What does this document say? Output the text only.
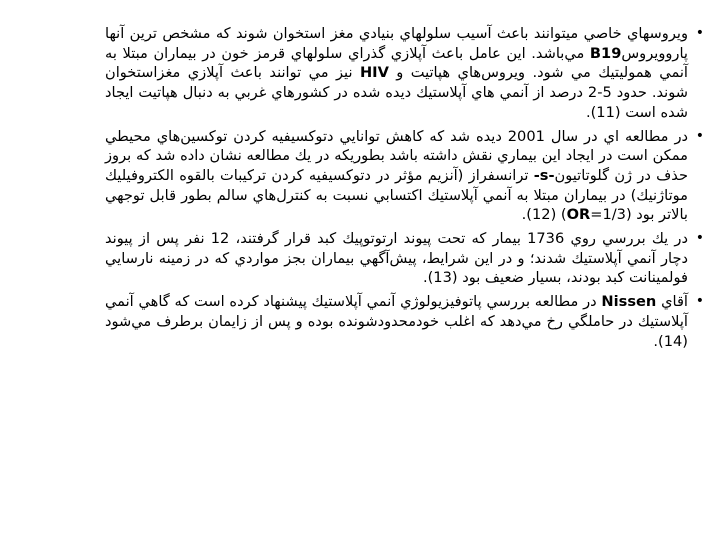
•
ويروسهاي خاصي ميتوانند باعث آسيب سلولهاي بنيادي مغز استخوان شوند كه مشخص ترين آنها پاروويروسB19 مي‌باشد. اين عامل باعث آپلازي گذراي سلولهاي قرمز خون در بيماران مبتلا به آنمي هموليتيك مي شود. ويروس‌هاي هپاتيت و HIV نيز مي توانند باعث آپلازي مغزاستخوان شوند. حدود 5-2 درصد از آنمي هاي آپلاستيك ديده شده در كشورهاي غربي به دنبال هپاتيت ايجاد شده است (11).

•
در مطالعه اي در سال 2001 ديده شد كه كاهش توانايي دتوكسيفيه كردن توكسين‌هاي محيطي ممكن است در ايجاد اين بيماري نقش داشته باشد بطوريكه در يك مطالعه نشان داده شد كه بروز حذف در ژن گلوتاتيون-s- ترانسفراز (آنزيم مؤثر در دتوكسيفيه كردن تركيبات بالقوه الكتروفيليك موتاژنيك) در بيماران مبتلا به آنمي آپلاستيك اكتسابي نسبت به كنترل‌هاي سالم بطور قابل توجهي بالاتر بود (OR=1/3) (12).

•
در يك بررسي روي 1736 بيمار كه تحت پيوند ارتوتوپيك كبد قرار گرفتند، 12 نفر پس از پيوند دچار آنمي آپلاستيك شدند؛ و در اين شرايط، پيش‌آگهي بيماران بجز مواردي كه در زمينه نارسايي فولمينانت كبد بودند، بسيار ضعيف بود (13).

•
آقاي Nissen در مطالعه بررسي پاتوفيزيولوژي آنمي آپلاستيك پيشنهاد كرده است كه گاهي آنمي آپلاستيك در حاملگي رخ مي‌دهد كه اغلب خودمحدودشونده بوده و پس از زايمان برطرف مي‌شود (14).
